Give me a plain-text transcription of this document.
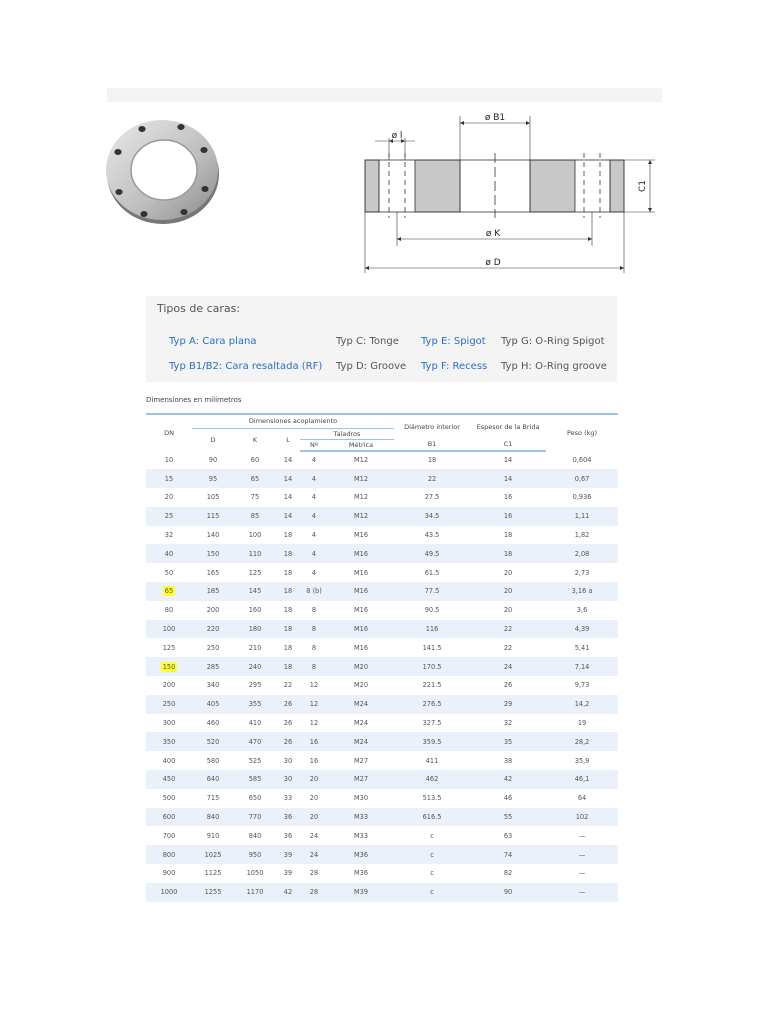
ø l
ø B1
C1
ø K
ø D
Tipos de caras:
Typ A: Cara plana	Typ C: Tonge Typ E: Spigot Typ G: O-Ring Spigot
Typ B1/B2: Cara resaltada (RF) Typ D: Groove Typ F: Recess Typ H: O-Ring groove
Dimensiones en milímetros
DN	Dimensiones acoplamiento					Diámetro interior	Espesor de la Brida	Peso (kg)
	D	K	L	Taladros				
				Nº	Métrica	B1	C1	
10	90	60	14	4	M12	18	14	0,604
15	95	65	14	4	M12	22	14	0,67
20	105	75	14	4	M12	27.5	16	0,936
25	115	85	14	4	M12	34.5	16	1,11
32	140	100	18	4	M16	43.5	18	1,82
40	150	110	18	4	M16	49.5	18	2,08
50	165	125	18	4	M16	61.5	20	2,73
65	185	145	18	8 (b)	M16	77.5	20	3,16 a
80	200	160	18	8	M16	90.5	20	3,6
100	220	180	18	8	M16	116	22	4,39
125	250	210	18	8	M16	141.5	22	5,41
150	285	240	18	8	M20	170.5	24	7,14
200	340	295	22	12	M20	221.5	26	9,73
250	405	355	26	12	M24	276.5	29	14,2
300	460	410	26	12	M24	327.5	32	19
350	520	470	26	16	M24	359.5	35	28,2
400	580	525	30	16	M27	411	38	35,9
450	640	585	30	20	M27	462	42	46,1
500	715	650	33	20	M30	513.5	46	64
600	840	770	36	20	M33	616.5	55	102
700	910	840	36	24	M33	c	63	—
800	1025	950	39	24	M36	c	74	—
900	1125	1050	39	28	M36	c	82	—
1000	1255	1170	42	28	M39	c	90	—
